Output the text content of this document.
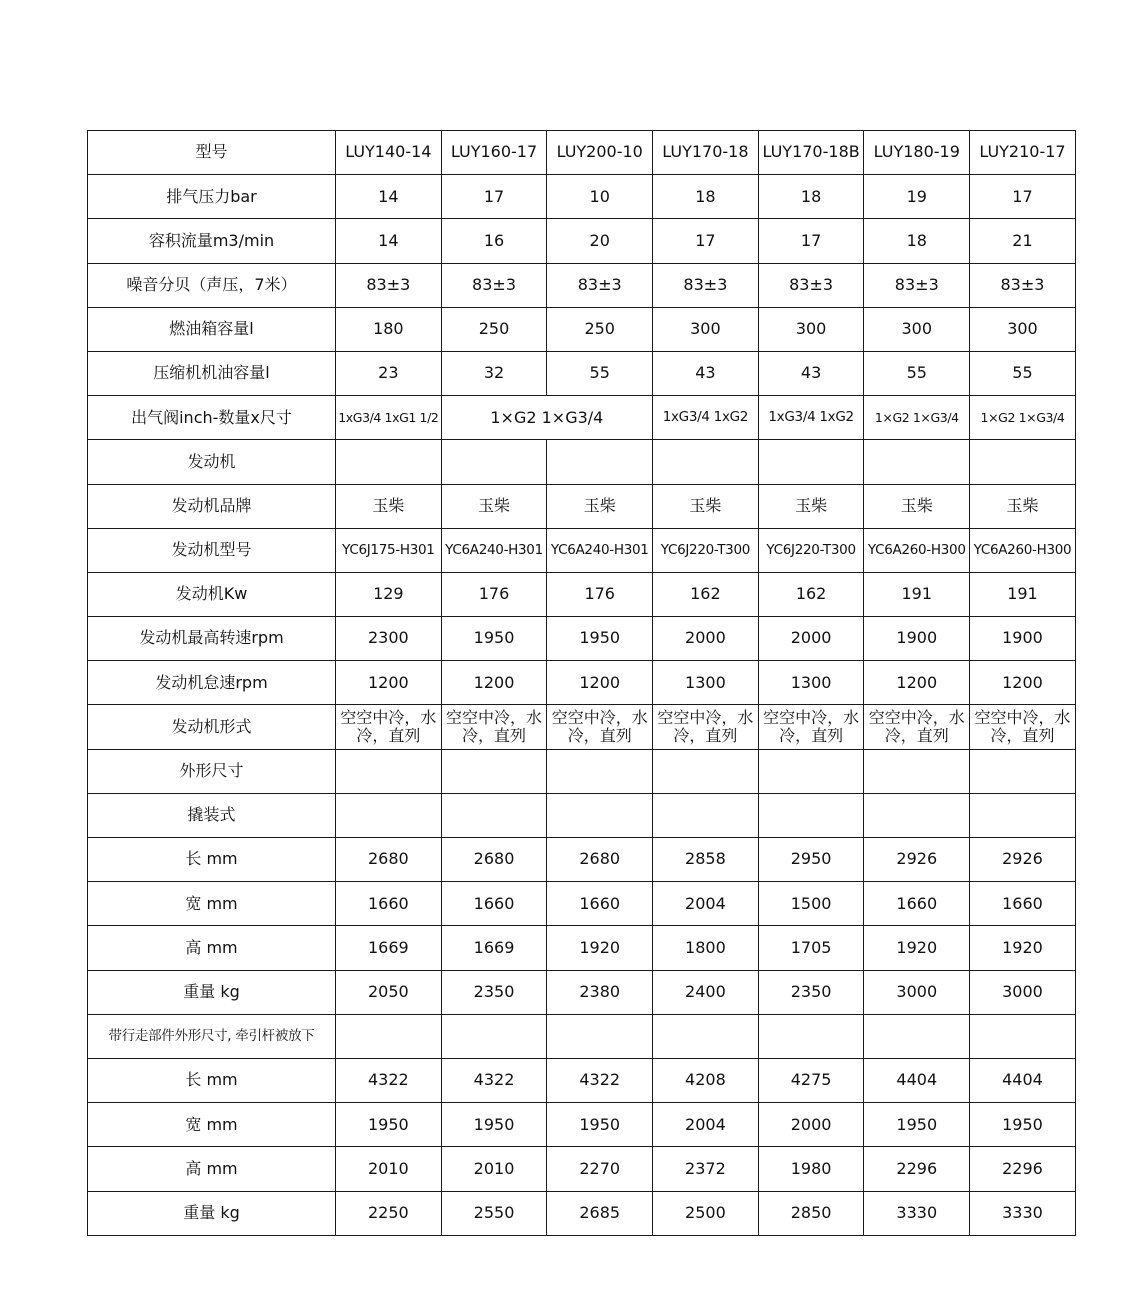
型号	LUY140-14	LUY160-17	LUY200-10	LUY170-18	LUY170-18B	LUY180-19	LUY210-17
排气压力bar	14	17	10	18	18	19	17
容积流量m3/min	14	16	20	17	17	18	21
噪音分贝（声压，7米）	83±3	83±3	83±3	83±3	83±3	83±3	83±3
燃油箱容量l	180	250	250	300	300	300	300
压缩机机油容量l	23	32	55	43	43	55	55
出气阀inch-数量x尺寸	1xG3/4 1xG1 1/2	1×G2 1×G3/4		1xG3/4 1xG2	1xG3/4 1xG2	1×G2 1×G3/4	1×G2 1×G3/4
发动机							
发动机品牌	玉柴	玉柴	玉柴	玉柴	玉柴	玉柴	玉柴
发动机型号	YC6J175-H301	YC6A240-H301	YC6A240-H301	YC6J220-T300	YC6J220-T300	YC6A260-H300	YC6A260-H300
发动机Kw	129	176	176	162	162	191	191
发动机最高转速rpm	2300	1950	1950	2000	2000	1900	1900
发动机怠速rpm	1200	1200	1200	1300	1300	1200	1200
发动机形式	空空中冷，水冷，直列	空空中冷，水冷，直列	空空中冷，水冷，直列	空空中冷，水冷，直列	空空中冷，水冷，直列	空空中冷，水冷，直列	空空中冷，水冷，直列
外形尺寸							
撬装式							
长 mm	2680	2680	2680	2858	2950	2926	2926
宽 mm	1660	1660	1660	2004	1500	1660	1660
高 mm	1669	1669	1920	1800	1705	1920	1920
重量 kg	2050	2350	2380	2400	2350	3000	3000
带行走部件外形尺寸, 牵引杆被放下							
长 mm	4322	4322	4322	4208	4275	4404	4404
宽 mm	1950	1950	1950	2004	2000	1950	1950
高 mm	2010	2010	2270	2372	1980	2296	2296
重量 kg	2250	2550	2685	2500	2850	3330	3330
